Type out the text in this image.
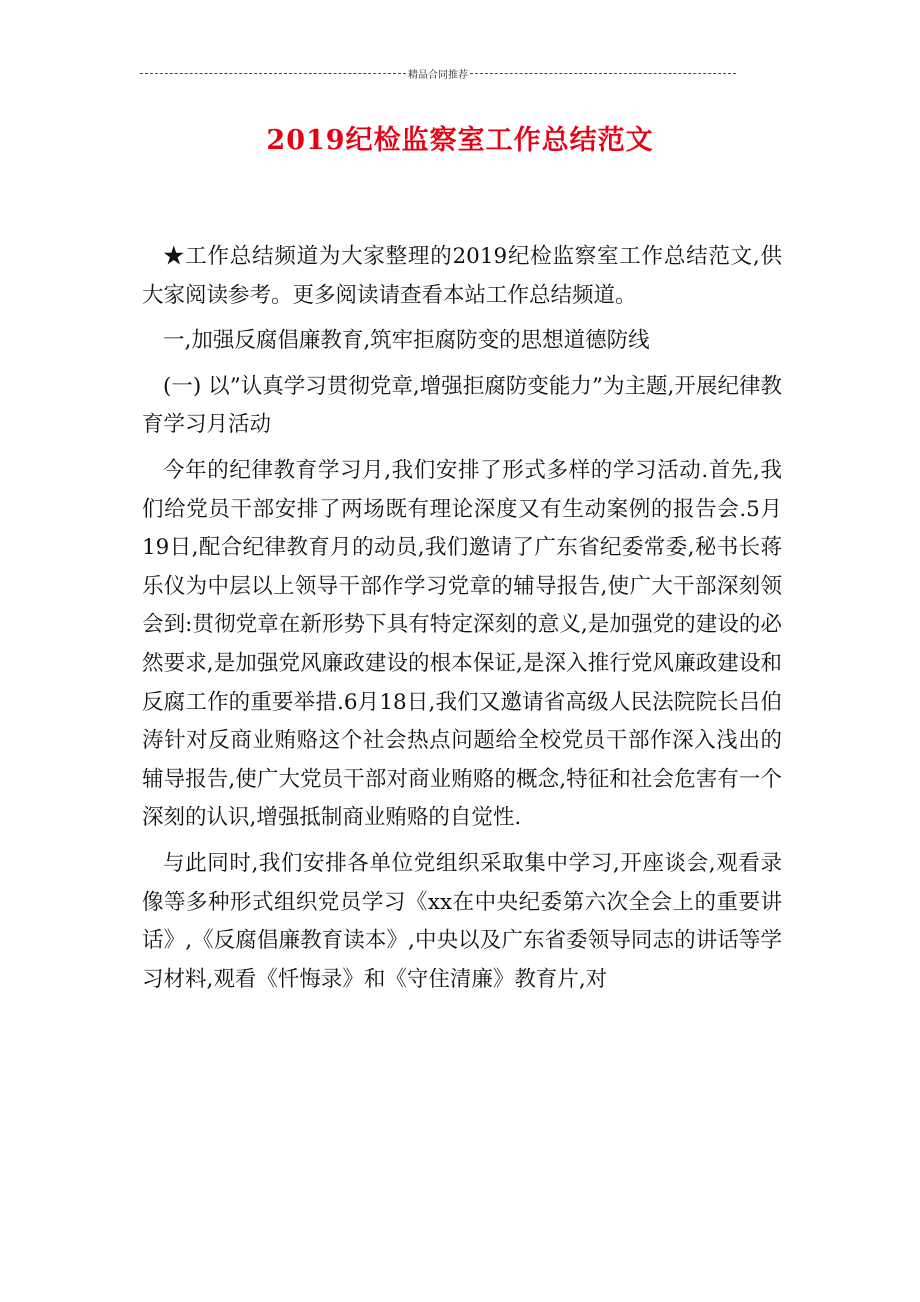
精品合同推荐
2019纪检监察室工作总结范文

★工作总结频道为大家整理的2019纪检监察室工作总结范文,供大家阅读参考。更多阅读请查看本站工作总结频道。

一,加强反腐倡廉教育,筑牢拒腐防变的思想道德防线

(一) 以”认真学习贯彻党章,增强拒腐防变能力”为主题,开展纪律教育学习月活动

今年的纪律教育学习月,我们安排了形式多样的学习活动.首先,我们给党员干部安排了两场既有理论深度又有生动案例的报告会.5月19日,配合纪律教育月的动员,我们邀请了广东省纪委常委,秘书长蒋乐仪为中层以上领导干部作学习党章的辅导报告,使广大干部深刻领会到:贯彻党章在新形势下具有特定深刻的意义,是加强党的建设的必然要求,是加强党风廉政建设的根本保证,是深入推行党风廉政建设和反腐工作的重要举措.6月18日,我们又邀请省高级人民法院院长吕伯涛针对反商业贿赂这个社会热点问题给全校党员干部作深入浅出的辅导报告,使广大党员干部对商业贿赂的概念,特征和社会危害有一个深刻的认识,增强抵制商业贿赂的自觉性.

与此同时,我们安排各单位党组织采取集中学习,开座谈会,观看录像等多种形式组织党员学习《xx在中央纪委第六次全会上的重要讲话》,《反腐倡廉教育读本》,中央以及广东省委领导同志的讲话等学习材料,观看《忏悔录》和《守住清廉》教育片,对
